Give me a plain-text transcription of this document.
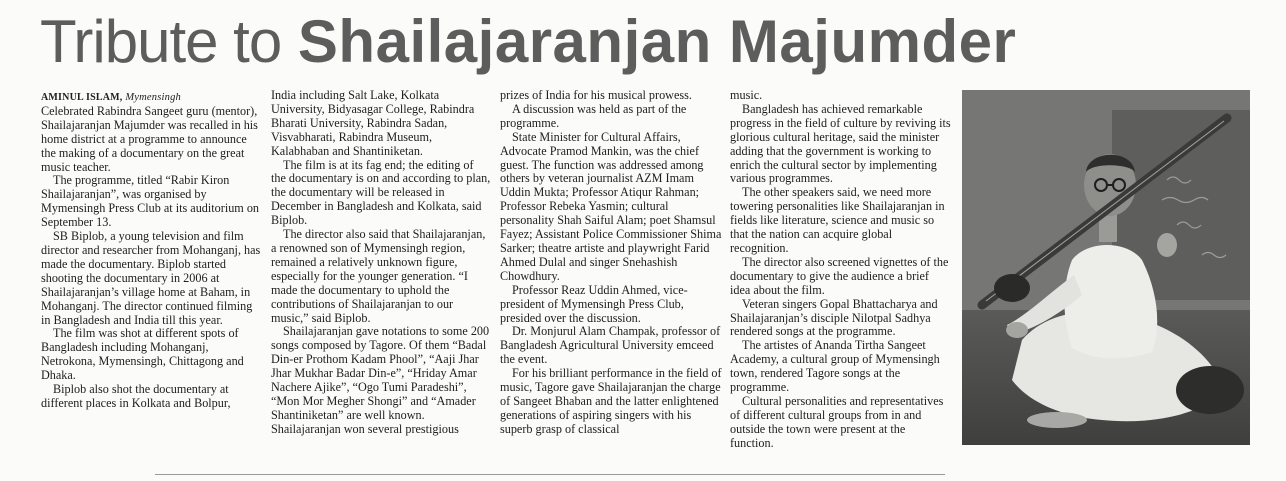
Tribute to Shailajaranjan Majumder

AMINUL ISLAM, Mymensingh

Celebrated Rabindra Sangeet guru (mentor), Shailajaranjan Majumder was recalled in his home district at a programme to announce the making of a documentary on the great music teacher.

The programme, titled “Rabir Kiron Shailajaranjan”, was organised by Mymensingh Press Club at its auditorium on September 13.

SB Biplob, a young television and film director and researcher from Mohanganj, has made the documentary. Biplob started shooting the documentary in 2006 at Shailajaranjan’s village home at Baham, in Mohanganj. The director continued filming in Bangladesh and India till this year.

The film was shot at different spots of Bangladesh including Mohanganj, Netrokona, Mymensingh, Chittagong and Dhaka.

Biplob also shot the documentary at different places in Kolkata and Bolpur,

India including Salt Lake, Kolkata University, Bidyasagar College, Rabindra Bharati University, Rabindra Sadan, Visvabharati, Rabindra Museum, Kalabhaban and Shantiniketan.

The film is at its fag end; the editing of the documentary is on and according to plan, the documentary will be released in December in Bangladesh and Kolkata, said Biplob.

The director also said that Shailajaranjan, a renowned son of Mymensingh region, remained a relatively unknown figure, especially for the younger generation. “I made the documentary to uphold the contributions of Shailajaranjan to our music,” said Biplob.

Shailajaranjan gave notations to some 200 songs composed by Tagore. Of them “Badal Din-er Prothom Kadam Phool”, “Aaji Jhar Jhar Mukhar Badar Din-e”, “Hriday Amar Nachere Ajike”, “Ogo Tumi Paradeshi”, “Mon Mor Megher Shongi” and “Amader Shantiniketan” are well known. Shailajaranjan won several prestigious

prizes of India for his musical prowess.

A discussion was held as part of the programme.

State Minister for Cultural Affairs, Advocate Pramod Mankin, was the chief guest. The function was addressed among others by veteran journalist AZM Imam Uddin Mukta; Professor Atiqur Rahman; Professor Rebeka Yasmin; cultural personality Shah Saiful Alam; poet Shamsul Fayez; Assistant Police Commissioner Shima Sarker; theatre artiste and playwright Farid Ahmed Dulal and singer Snehashish Chowdhury.

Professor Reaz Uddin Ahmed, vice-president of Mymensingh Press Club, presided over the discussion.

Dr. Monjurul Alam Champak, professor of Bangladesh Agricultural University emceed the event.

For his brilliant performance in the field of music, Tagore gave Shailajaranjan the charge of Sangeet Bhaban and the latter enlightened generations of aspiring singers with his superb grasp of classical

music.

Bangladesh has achieved remarkable progress in the field of culture by reviving its glorious cultural heritage, said the minister adding that the government is working to enrich the cultural sector by implementing various programmes.

The other speakers said, we need more towering personalities like Shailajaranjan in fields like literature, science and music so that the nation can acquire global recognition.

The director also screened vignettes of the documentary to give the audience a brief idea about the film.

Veteran singers Gopal Bhattacharya and Shailajaranjan’s disciple Nilotpal Sadhya rendered songs at the programme.

The artistes of Ananda Tirtha Sangeet Academy, a cultural group of Mymensingh town, rendered Tagore songs at the programme.

Cultural personalities and representatives of different cultural groups from in and outside the town were present at the function.
